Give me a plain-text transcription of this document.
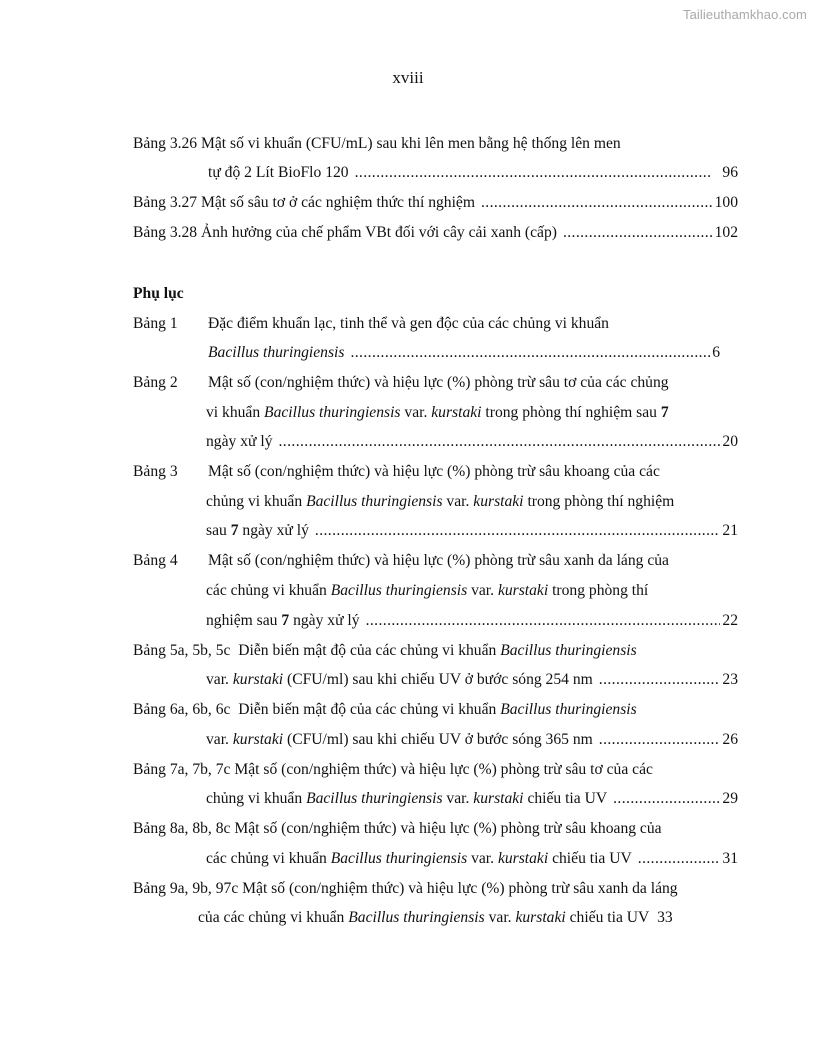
Tailieuthamkhao.com
xviii
Bảng 3.26 Mật số vi khuẩn (CFU/mL) sau khi lên men bằng hệ thống lên men
tự độ 2 Lít BioFlo 120 .....	96
Bảng 3.27 Mật số sâu tơ ở các nghiệm thức thí nghiệm .....	100
Bảng 3.28 Ảnh hưởng của chế phẩm VBt đối với cây cải xanh (cấp) .....	102
Phụ lục
Bảng 1 Đặc điểm khuẩn lạc, tinh thể và gen độc của các chủng vi khuẩn
Bacillus thuringiensis .....	6
Bảng 2 Mật số (con/nghiệm thức) và hiệu lực (%) phòng trừ sâu tơ của các chủng
vi khuẩn Bacillus thuringiensis var. kurstaki trong phòng thí nghiệm sau 7
ngày xử lý .....	20
Bảng 3 Mật số (con/nghiệm thức) và hiệu lực (%) phòng trừ sâu khoang của các
chủng vi khuẩn Bacillus thuringiensis var. kurstaki trong phòng thí nghiệm
sau 7 ngày xử lý .....	21
Bảng 4 Mật số (con/nghiệm thức) và hiệu lực (%) phòng trừ sâu xanh da láng của
các chủng vi khuẩn Bacillus thuringiensis var. kurstaki trong phòng thí
nghiệm sau 7 ngày xử lý .....	22
Bảng 5a, 5b, 5c Diễn biến mật độ của các chủng vi khuẩn Bacillus thuringiensis
var. kurstaki (CFU/ml) sau khi chiếu UV ở bước sóng 254 nm .....	23
Bảng 6a, 6b, 6c Diễn biến mật độ của các chủng vi khuẩn Bacillus thuringiensis
var. kurstaki (CFU/ml) sau khi chiếu UV ở bước sóng 365 nm .....	26
Bảng 7a, 7b, 7c Mật số (con/nghiệm thức) và hiệu lực (%) phòng trừ sâu tơ của các
chủng vi khuẩn Bacillus thuringiensis var. kurstaki chiếu tia UV .....	29
Bảng 8a, 8b, 8c Mật số (con/nghiệm thức) và hiệu lực (%) phòng trừ sâu khoang của
các chủng vi khuẩn Bacillus thuringiensis var. kurstaki chiếu tia UV .....	31
Bảng 9a, 9b, 97c Mật số (con/nghiệm thức) và hiệu lực (%) phòng trừ sâu xanh da láng
của các chủng vi khuẩn Bacillus thuringiensis var. kurstaki chiếu tia UV 33
